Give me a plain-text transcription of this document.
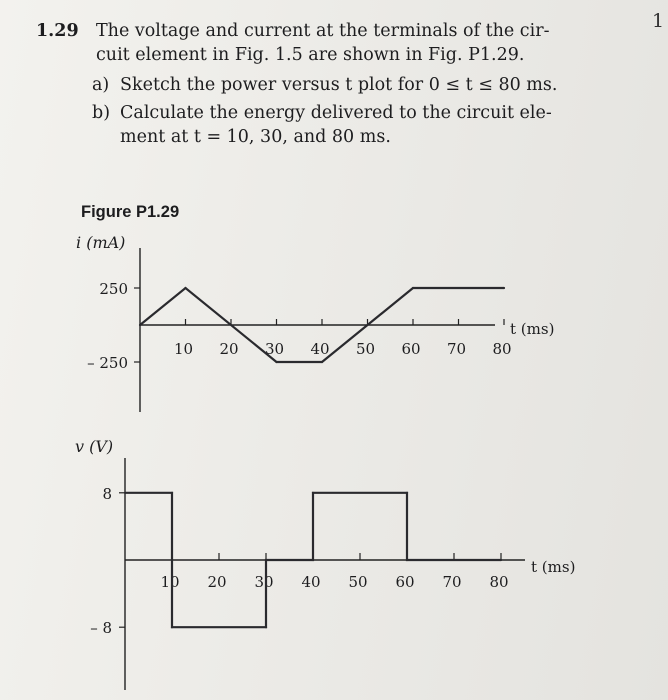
1
1.29 The voltage and current at the terminals of the cir-
cuit element in Fig. 1.5 are shown in Fig. P1.29.
a) Sketch the power versus t plot for 0 ≤ t ≤ 80 ms.
b) Calculate the energy delivered to the circuit ele-
ment at t = 10, 30, and 80 ms.
Figure P1.29
i (mA)
250
– 250
10 20 30 40 50 60 70 80
t (ms)
v (V)
8
– 8
10 20 30 40 50 60 70 80
t (ms)
